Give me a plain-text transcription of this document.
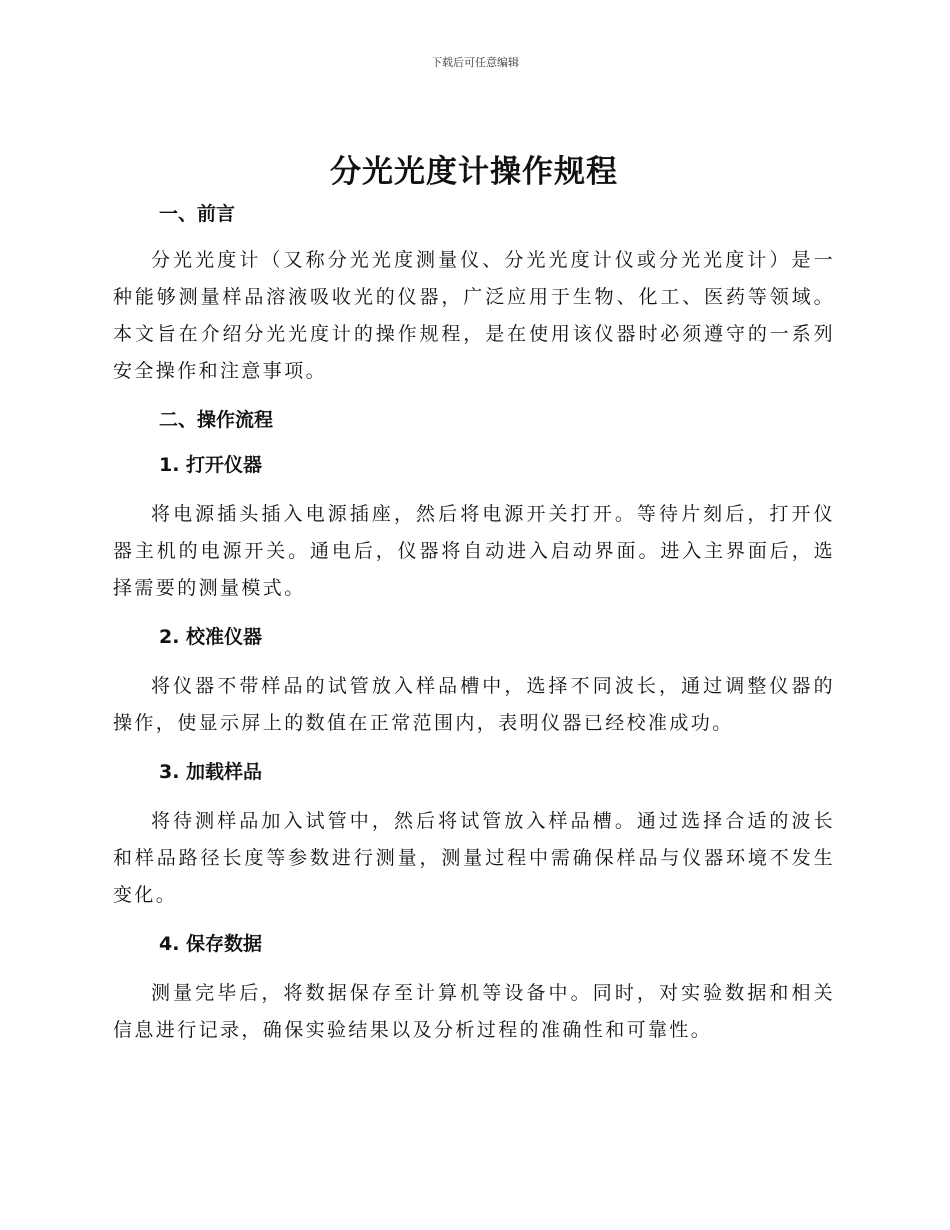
下载后可任意编辑
分光光度计操作规程
一、前言

分光光度计（又称分光光度测量仪、分光光度计仪或分光光度计）是一种能够测量样品溶液吸收光的仪器，广泛应用于生物、化工、医药等领域。本文旨在介绍分光光度计的操作规程，是在使用该仪器时必须遵守的一系列安全操作和注意事项。

二、操作流程
1. 打开仪器

将电源插头插入电源插座，然后将电源开关打开。等待片刻后，打开仪器主机的电源开关。通电后，仪器将自动进入启动界面。进入主界面后，选择需要的测量模式。

2. 校准仪器

将仪器不带样品的试管放入样品槽中，选择不同波长，通过调整仪器的操作，使显示屏上的数值在正常范围内，表明仪器已经校准成功。

3. 加载样品

将待测样品加入试管中，然后将试管放入样品槽。通过选择合适的波长和样品路径长度等参数进行测量，测量过程中需确保样品与仪器环境不发生变化。

4. 保存数据

测量完毕后，将数据保存至计算机等设备中。同时，对实验数据和相关信息进行记录，确保实验结果以及分析过程的准确性和可靠性。
